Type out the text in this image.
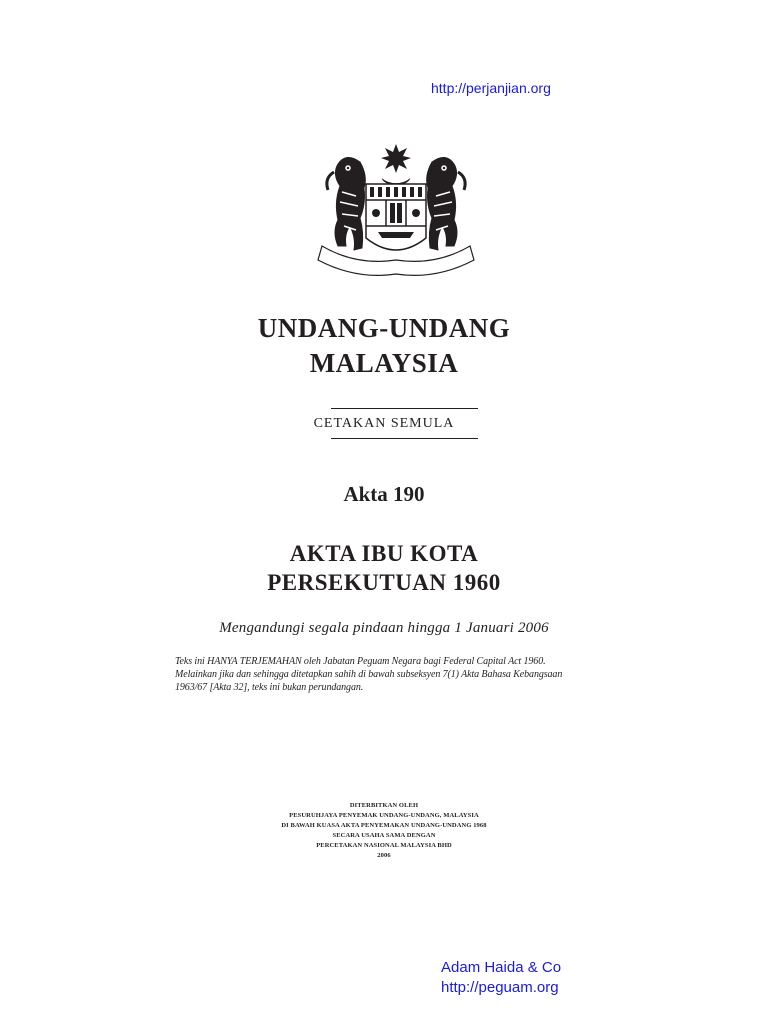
http://perjanjian.org
UNDANG-UNDANG
MALAYSIA
CETAKAN SEMULA
Akta 190
AKTA IBU KOTA
PERSEKUTUAN 1960
Mengandungi segala pindaan hingga 1 Januari 2006
Teks ini HANYA TERJEMAHAN oleh Jabatan Peguam Negara bagi Federal Capital Act 1960.
Melainkan jika dan sehingga ditetapkan sahih di bawah subseksyen 7(1) Akta Bahasa Kebangsaan
1963/67 [Akta 32], teks ini bukan perundangan.
DITERBITKAN OLEH
PESURUHJAYA PENYEMAK UNDANG-UNDANG, MALAYSIA
DI BAWAH KUASA AKTA PENYEMAKAN UNDANG-UNDANG 1968
SECARA USAHA SAMA DENGAN
PERCETAKAN NASIONAL MALAYSIA BHD
2006
Adam Haida & Co
http://peguam.org
